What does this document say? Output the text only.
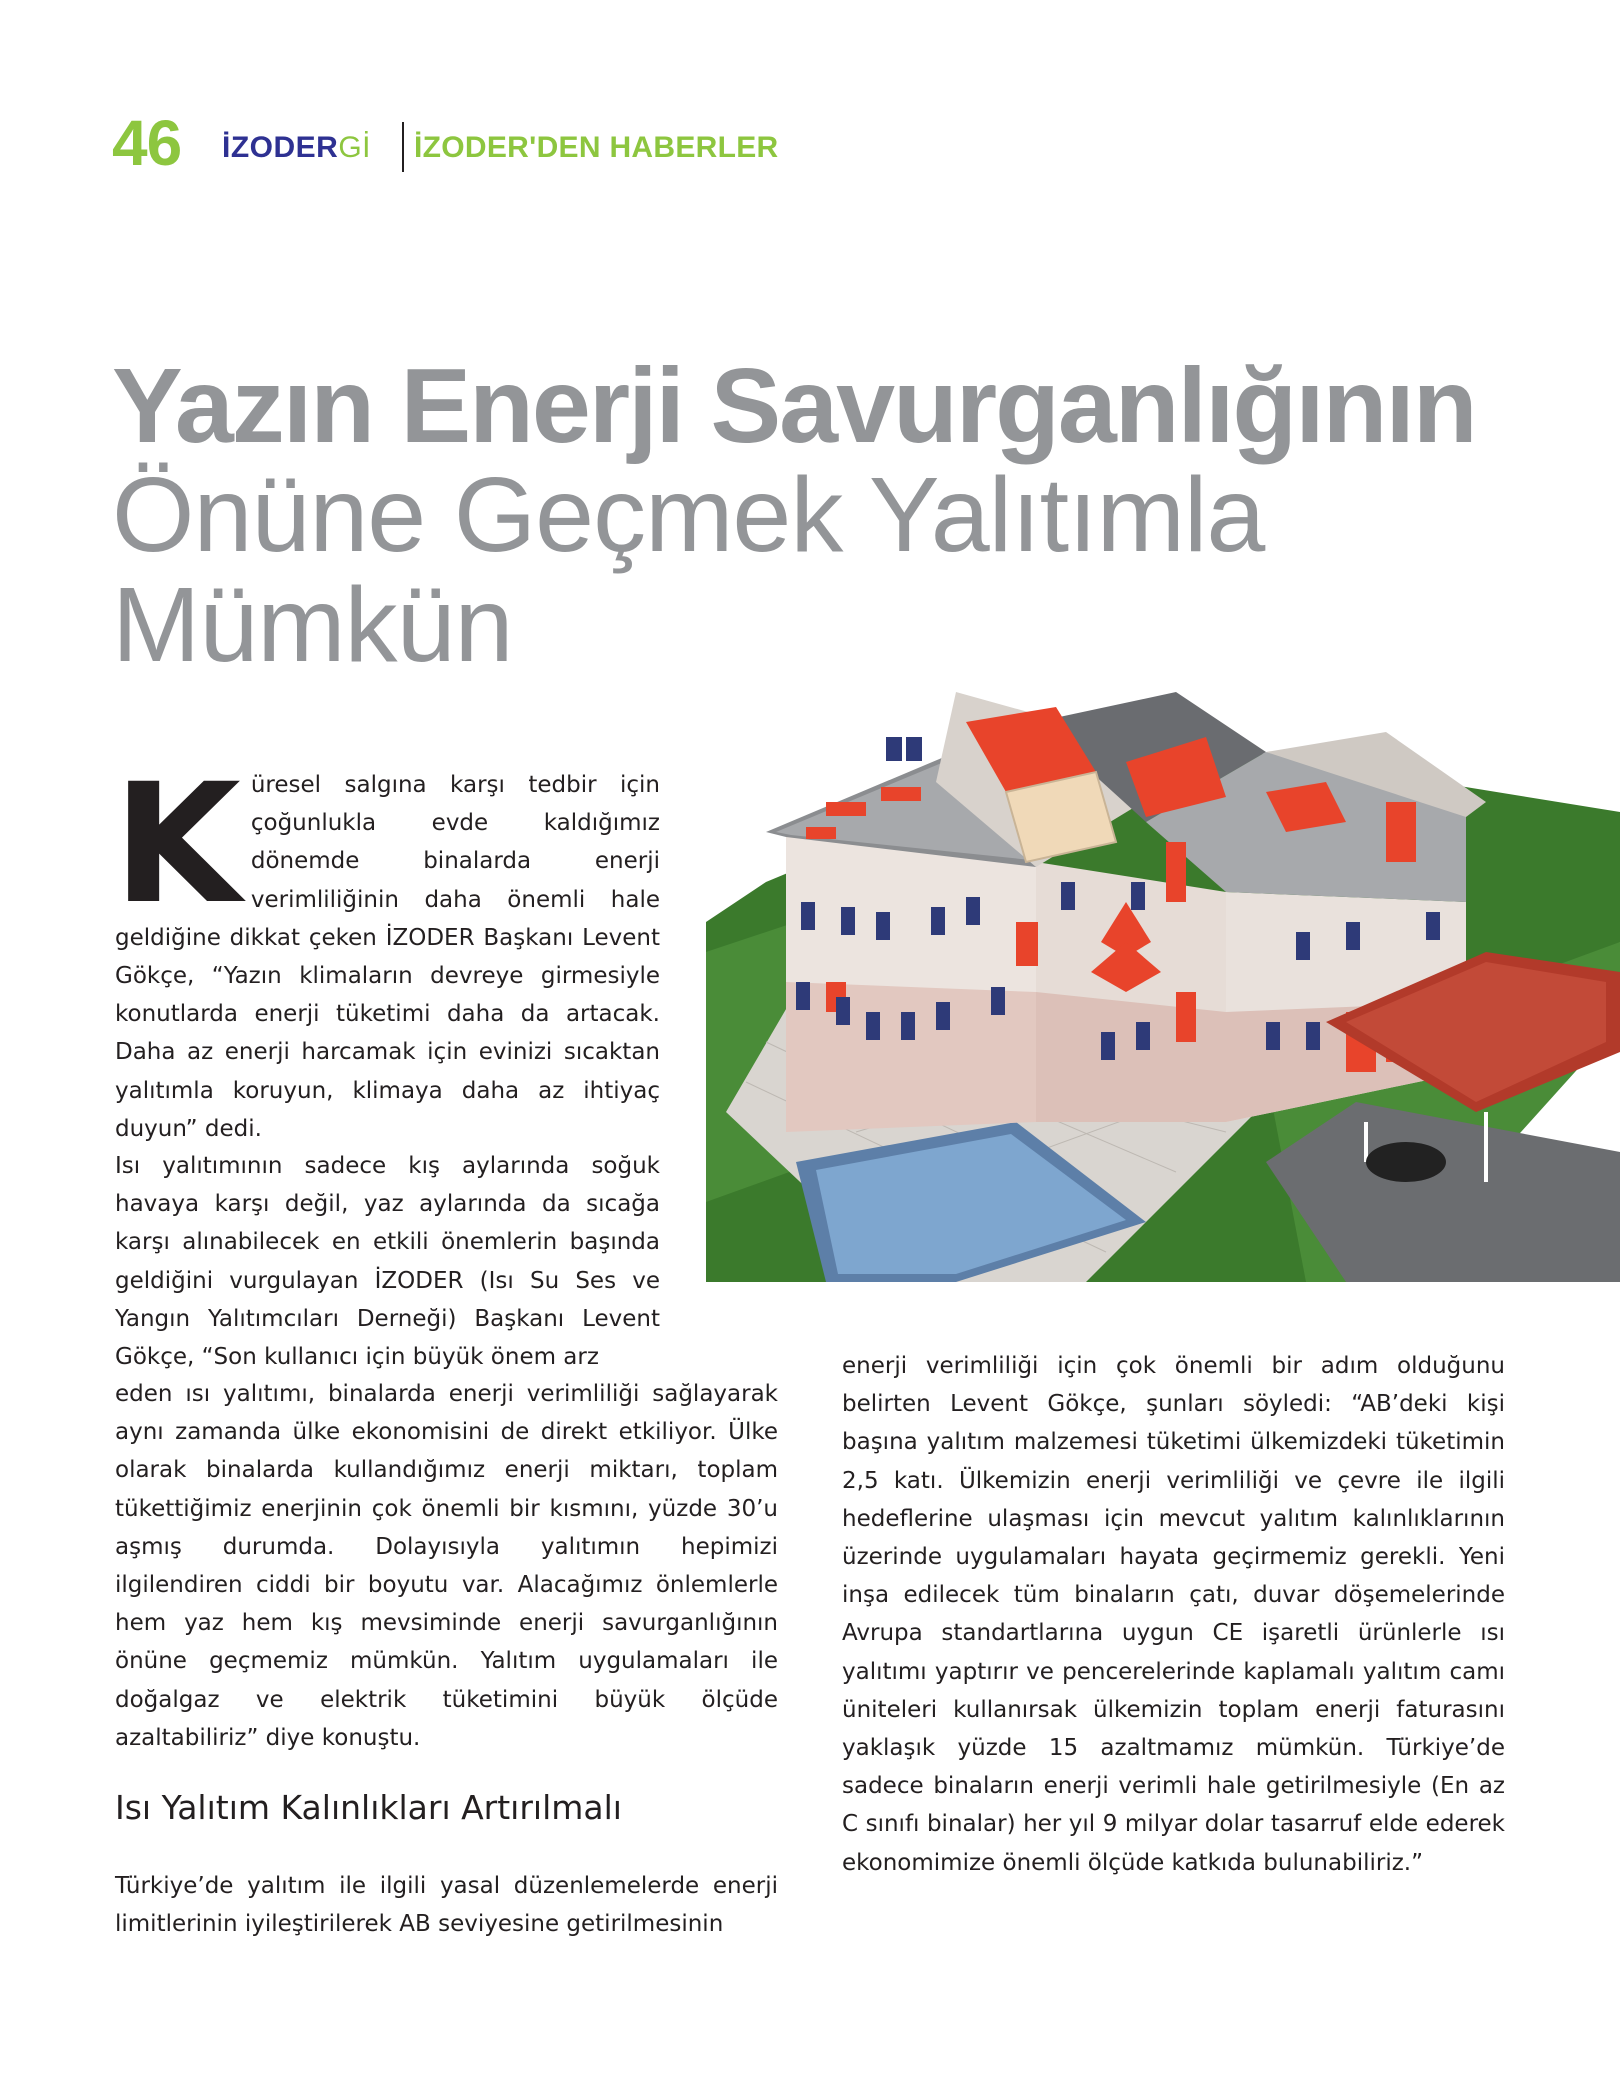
46 İZODERGİ İZODER'DEN HABERLER
Yazın Enerji Savurganlığının
Önüne Geçmek Yalıtımla
Mümkün
Küresel salgına karşı tedbir için çoğunlukla evde kaldığımız dönemde binalarda enerji verimliliğinin daha önemli hale geldiğine dikkat çeken İZODER Başkanı Levent Gökçe, “Yazın klimaların devreye girmesiyle konutlarda enerji tüketimi daha da artacak. Daha az enerji harcamak için evinizi sıcaktan yalıtımla koruyun, klimaya daha az ihtiyaç duyun” dedi.

Isı yalıtımının sadece kış aylarında soğuk havaya karşı değil, yaz aylarında da sıcağa karşı alınabilecek en etkili önemlerin başında geldiğini vurgulayan İZODER (Isı Su Ses ve Yangın Yalıtımcıları Derneği) Başkanı Levent Gökçe, “Son kullanıcı için büyük önem arz

eden ısı yalıtımı, binalarda enerji verimliliği sağlayarak aynı zamanda ülke ekonomisini de direkt etkiliyor. Ülke olarak binalarda kullandığımız enerji miktarı, toplam tükettiğimiz enerjinin çok önemli bir kısmını, yüzde 30’u aşmış durumda. Dolayısıyla yalıtımın hepimizi ilgilendiren ciddi bir boyutu var. Alacağımız önlemlerle hem yaz hem kış mevsiminde enerji savurganlığının önüne geçmemiz mümkün. Yalıtım uygulamaları ile doğalgaz ve elektrik tüketimini büyük ölçüde azaltabiliriz” diye konuştu.

Isı Yalıtım Kalınlıkları Artırılmalı

Türkiye’de yalıtım ile ilgili yasal düzenlemelerde enerji limitlerinin iyileştirilerek AB seviyesine getirilmesinin

enerji verimliliği için çok önemli bir adım olduğunu belirten Levent Gökçe, şunları söyledi: “AB’deki kişi başına yalıtım malzemesi tüketimi ülkemizdeki tüketimin 2,5 katı. Ülkemizin enerji verimliliği ve çevre ile ilgili hedeflerine ulaşması için mevcut yalıtım kalınlıklarının üzerinde uygulamaları hayata geçirmemiz gerekli. Yeni inşa edilecek tüm binaların çatı, duvar döşemelerinde Avrupa standartlarına uygun CE işaretli ürünlerle ısı yalıtımı yaptırır ve pencerelerinde kaplamalı yalıtım camı üniteleri kullanırsak ülkemizin toplam enerji faturasını yaklaşık yüzde 15 azaltmamız mümkün. Türkiye’de sadece binaların enerji verimli hale getirilmesiyle (En az C sınıfı binalar) her yıl 9 milyar dolar tasarruf elde ederek ekonomimize önemli ölçüde katkıda bulunabiliriz.”
